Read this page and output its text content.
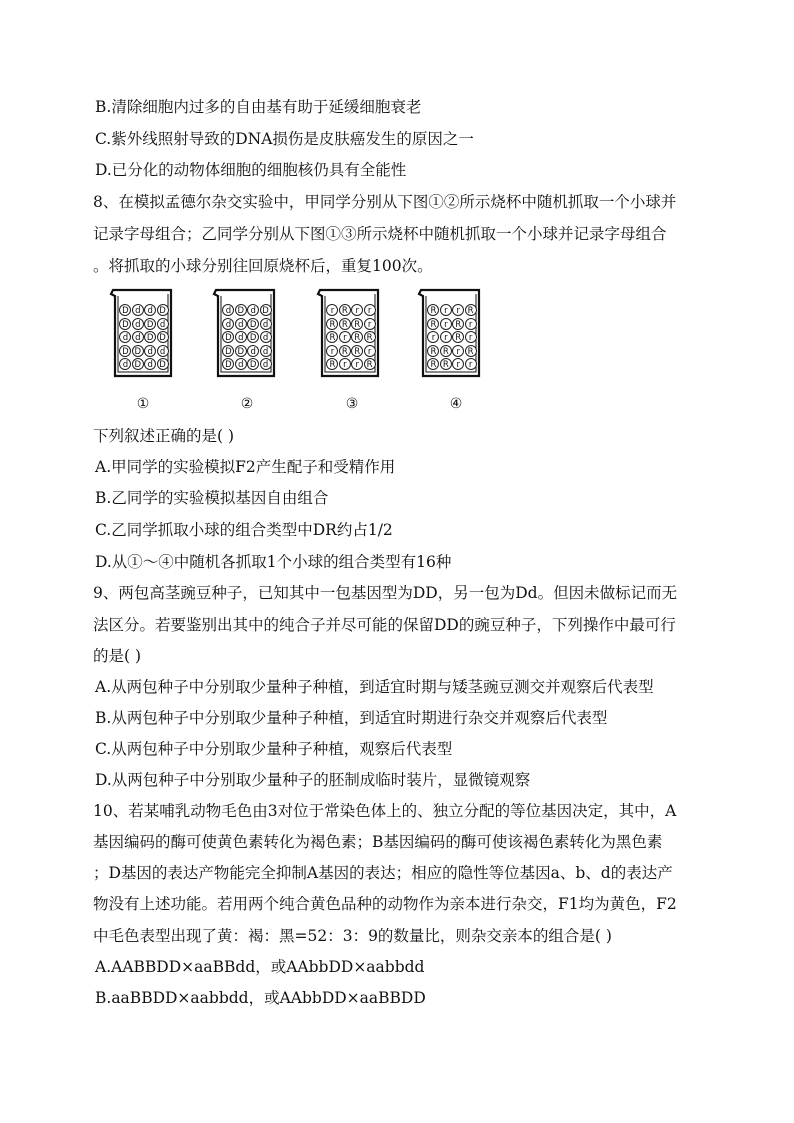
B.清除细胞内过多的自由基有助于延缓细胞衰老
C.紫外线照射导致的DNA损伤是皮肤癌发生的原因之一
D.已分化的动物体细胞的细胞核仍具有全能性
8、在模拟孟德尔杂交实验中，甲同学分别从下图①②所示烧杯中随机抓取一个小球并
记录字母组合；乙同学分别从下图①③所示烧杯中随机抓取一个小球并记录字母组合
。将抓取的小球分别往回原烧杯后，重复100次。
D d d D
D d D d
d d D D
D D d d
d D d D
d D d D
d d D d
D d D d
D D d d
D d D d
r R r	r
R R R r
R r R R
r R R r
R r	r R
R r	r R
R r R r
r	r R r
R R r R
R R r	r
①	②	③	④
下列叙述正确的是( )
A.甲同学的实验模拟F2产生配子和受精作用
B.乙同学的实验模拟基因自由组合
C.乙同学抓取小球的组合类型中DR约占1/2
D.从①～④中随机各抓取1个小球的组合类型有16种
9、两包高茎豌豆种子，已知其中一包基因型为DD，另一包为Dd。但因未做标记而无
法区分。若要鉴别出其中的纯合子并尽可能的保留DD的豌豆种子，下列操作中最可行
的是( )
A.从两包种子中分别取少量种子种植，到适宜时期与矮茎豌豆测交并观察后代表型
B.从两包种子中分别取少量种子种植，到适宜时期进行杂交并观察后代表型
C.从两包种子中分别取少量种子种植，观察后代表型
D.从两包种子中分别取少量种子的胚制成临时装片，显微镜观察
10、若某哺乳动物毛色由3对位于常染色体上的、独立分配的等位基因决定，其中，A
基因编码的酶可使黄色素转化为褐色素；B基因编码的酶可使该褐色素转化为黑色素
；D基因的表达产物能完全抑制A基因的表达；相应的隐性等位基因a、b、d的表达产
物没有上述功能。若用两个纯合黄色品种的动物作为亲本进行杂交，F1均为黄色，F2
中毛色表型出现了黄：褐：黑=52：3：9的数量比，则杂交亲本的组合是( )
A.AABBDD×aaBBdd，或AAbbDD×aabbdd
B.aaBBDD×aabbdd，或AAbbDD×aaBBDD
